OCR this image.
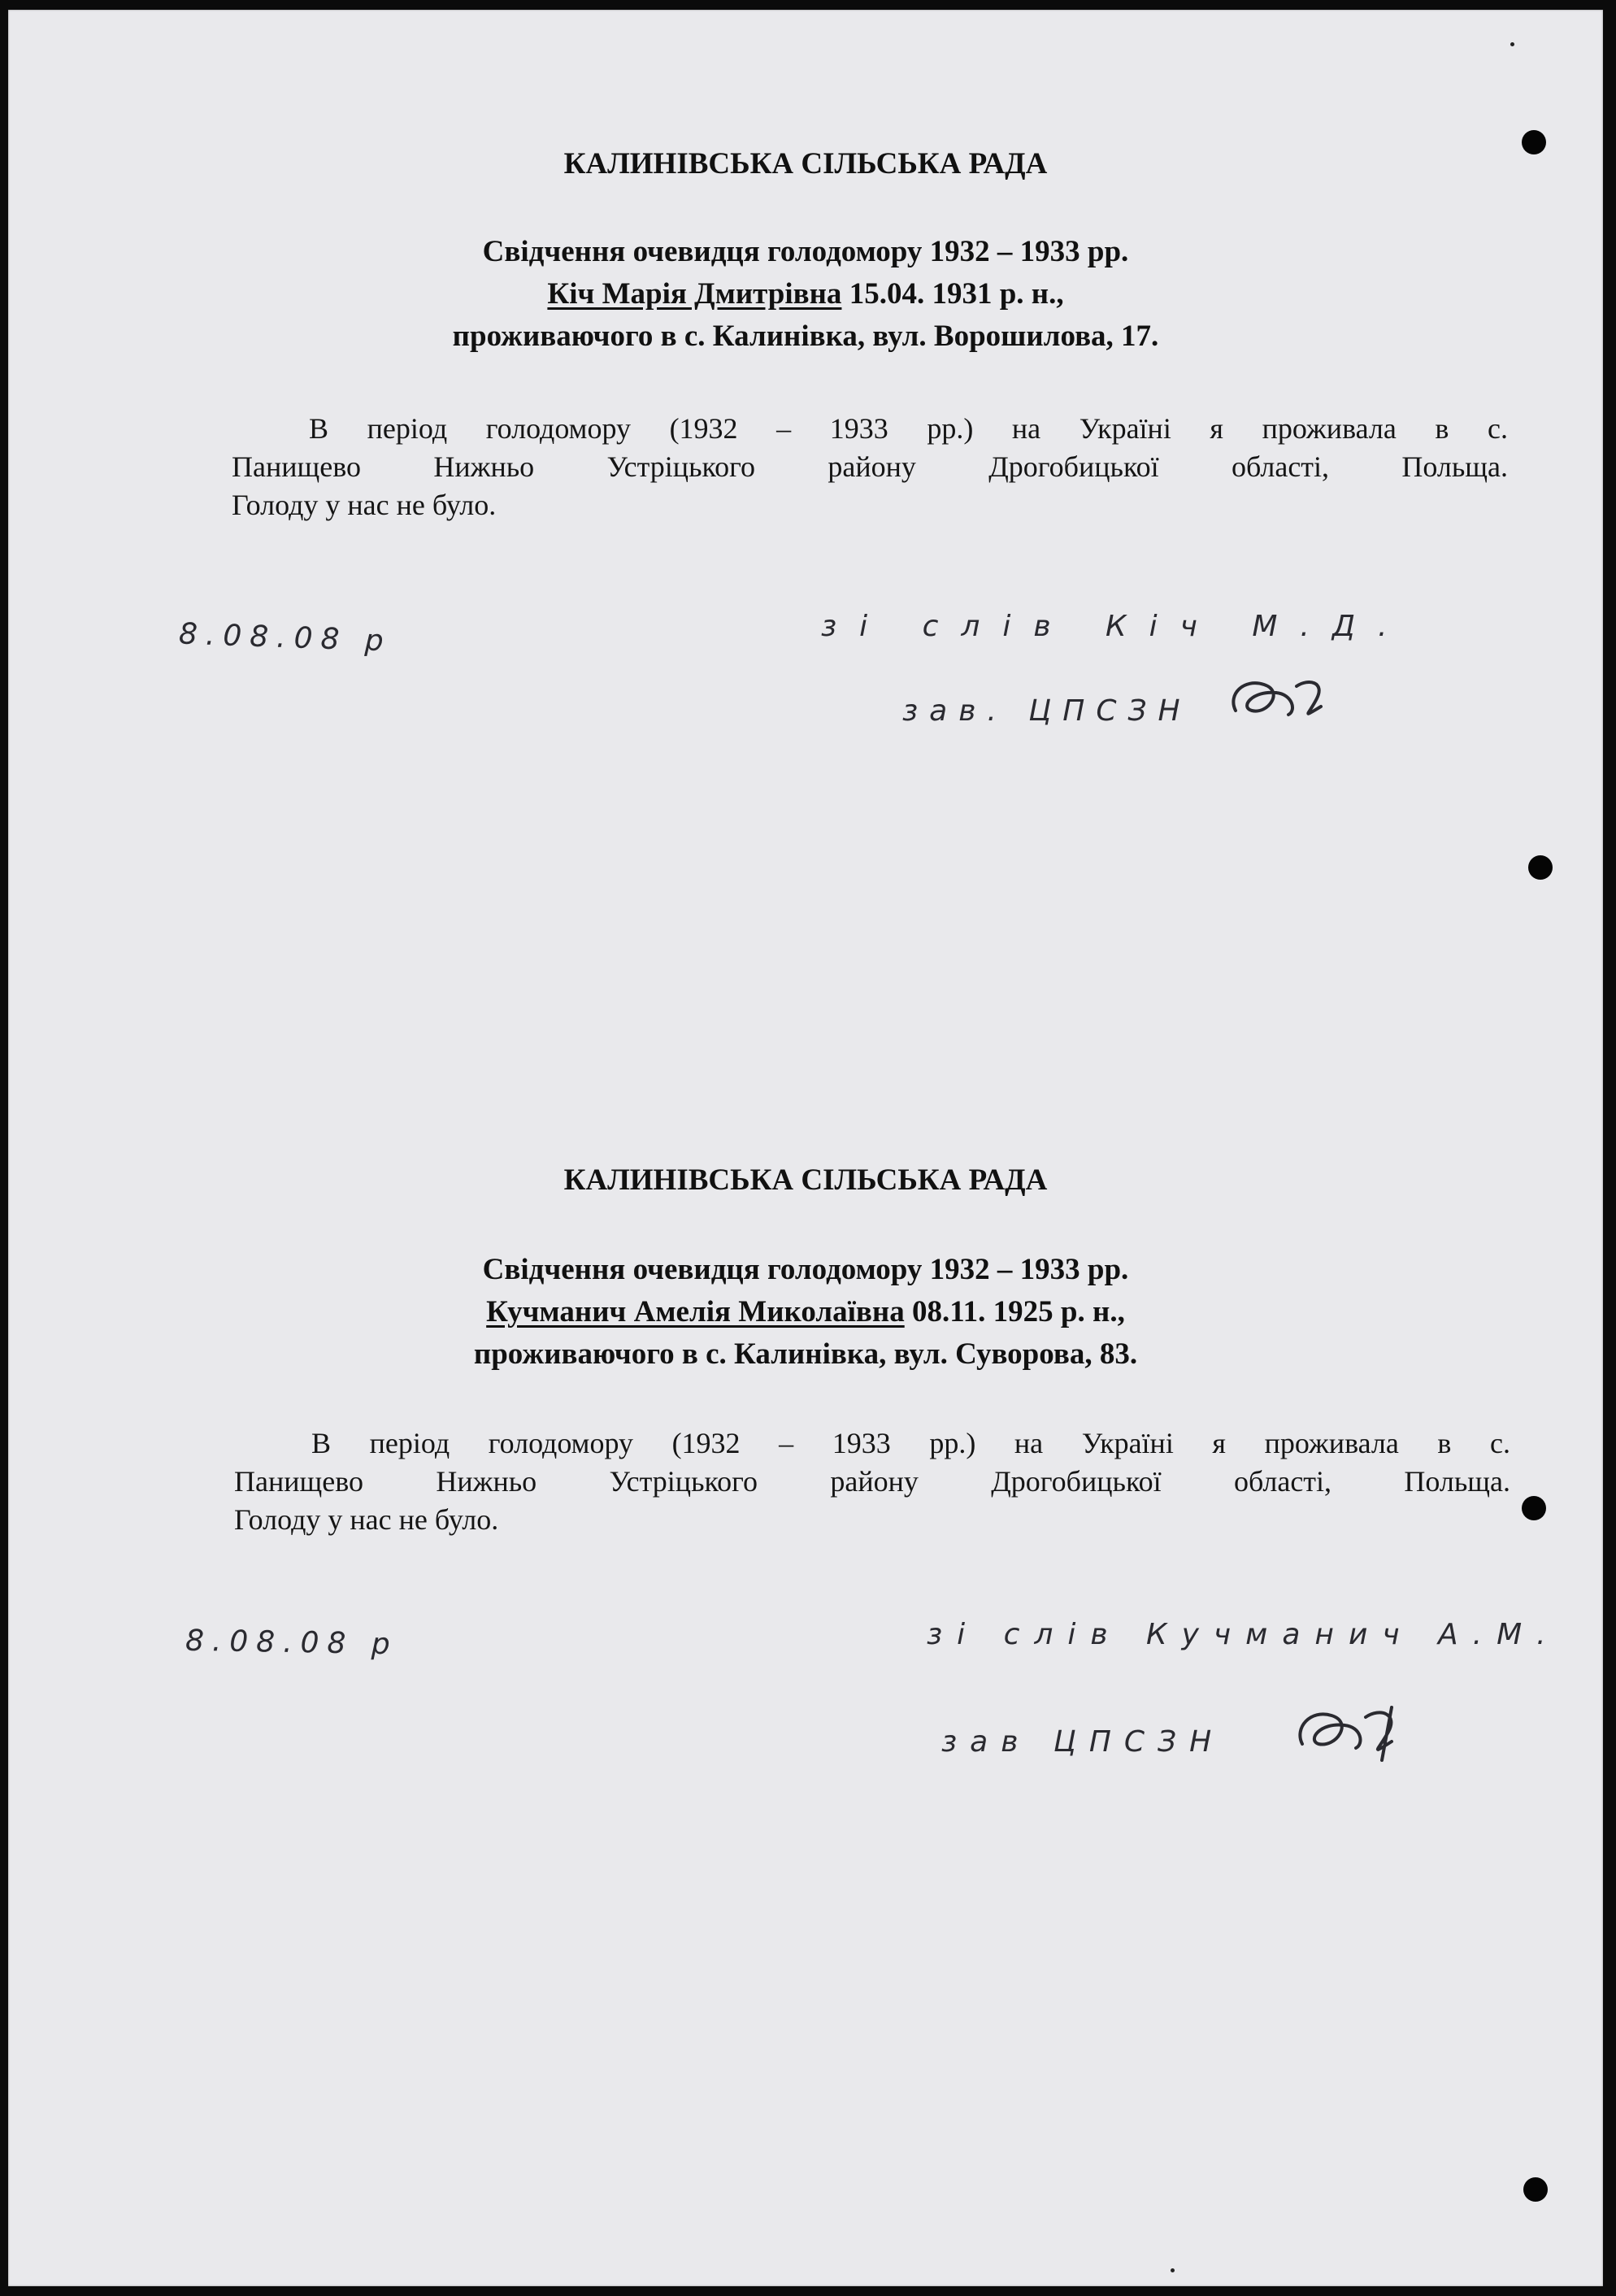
КАЛИНІВСЬКА СІЛЬСЬКА РАДА
Свідчення очевидця голодомору 1932 – 1933 рр.
Кіч Марія Дмитрівна 15.04. 1931 р. н.,
проживаючого в с. Калинівка, вул. Ворошилова, 17.
В період голодомору (1932 – 1933 рр.) на Україні я проживала в с.
Панищево Нижньо Устріцького району Дрогобицької області, Польща.
Голоду у нас не було.
8.08.08 р	зі слів Кіч М.Д.
зав. ЦПСЗН
КАЛИНІВСЬКА СІЛЬСЬКА РАДА
Свідчення очевидця голодомору 1932 – 1933 рр.
Кучманич Амелія Миколаївна 08.11. 1925 р. н.,
проживаючого в с. Калинівка, вул. Суворова, 83.
В період голодомору (1932 – 1933 рр.) на Україні я проживала в с.
Панищево Нижньо Устріцького району Дрогобицької області, Польща.
Голоду у нас не було.
8.08.08 р	зі слів Кучманич А.М.
зав ЦПСЗН
